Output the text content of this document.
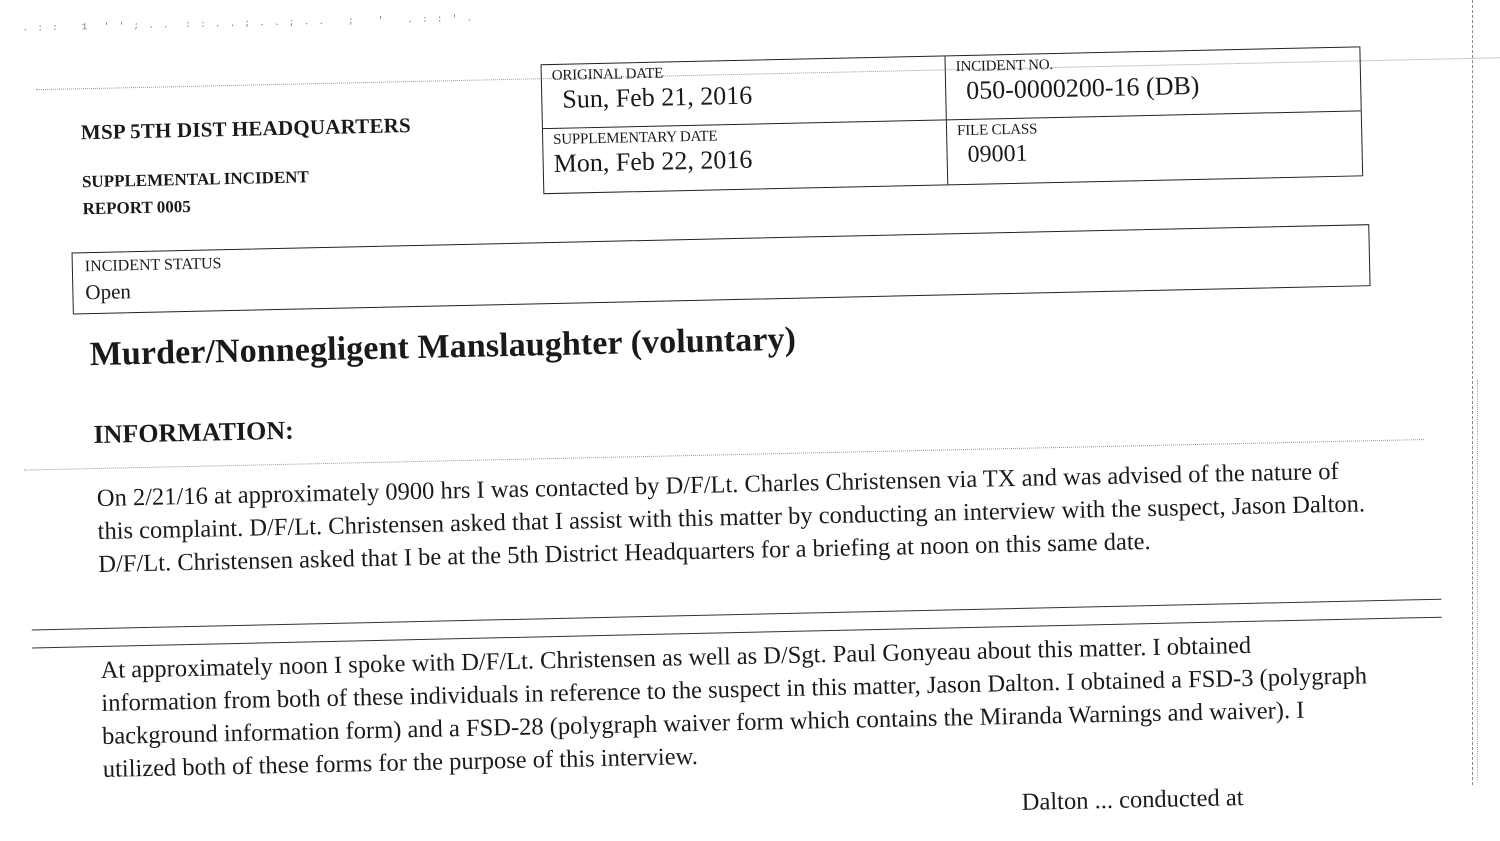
. : :   1  ' ' ; . .  : : . . ; . . ; . .   ;   '   . : : ' .
MSP 5TH DIST HEADQUARTERS
SUPPLEMENTAL INCIDENT
REPORT 0005
ORIGINAL DATE
Sun, Feb 21, 2016
INCIDENT NO.
050-0000200-16 (DB)
SUPPLEMENTARY DATE
Mon, Feb 22, 2016
FILE CLASS
09001
INCIDENT STATUS
Open
Murder/Nonnegligent Manslaughter (voluntary)
INFORMATION:
On 2/21/16 at approximately 0900 hrs I was contacted by D/F/Lt. Charles Christensen via TX and was advised of the nature of this complaint. D/F/Lt. Christensen asked that I assist with this matter by conducting an interview with the suspect, Jason Dalton. D/F/Lt. Christensen asked that I be at the 5th District Headquarters for a briefing at noon on this same date.
At approximately noon I spoke with D/F/Lt. Christensen as well as D/Sgt. Paul Gonyeau about this matter. I obtained information from both of these individuals in reference to the suspect in this matter, Jason Dalton. I obtained a FSD-3 (polygraph background information form) and a FSD-28 (polygraph waiver form which contains the Miranda Warnings and waiver). I utilized both of these forms for the purpose of this interview.
Dalton ... conducted at
